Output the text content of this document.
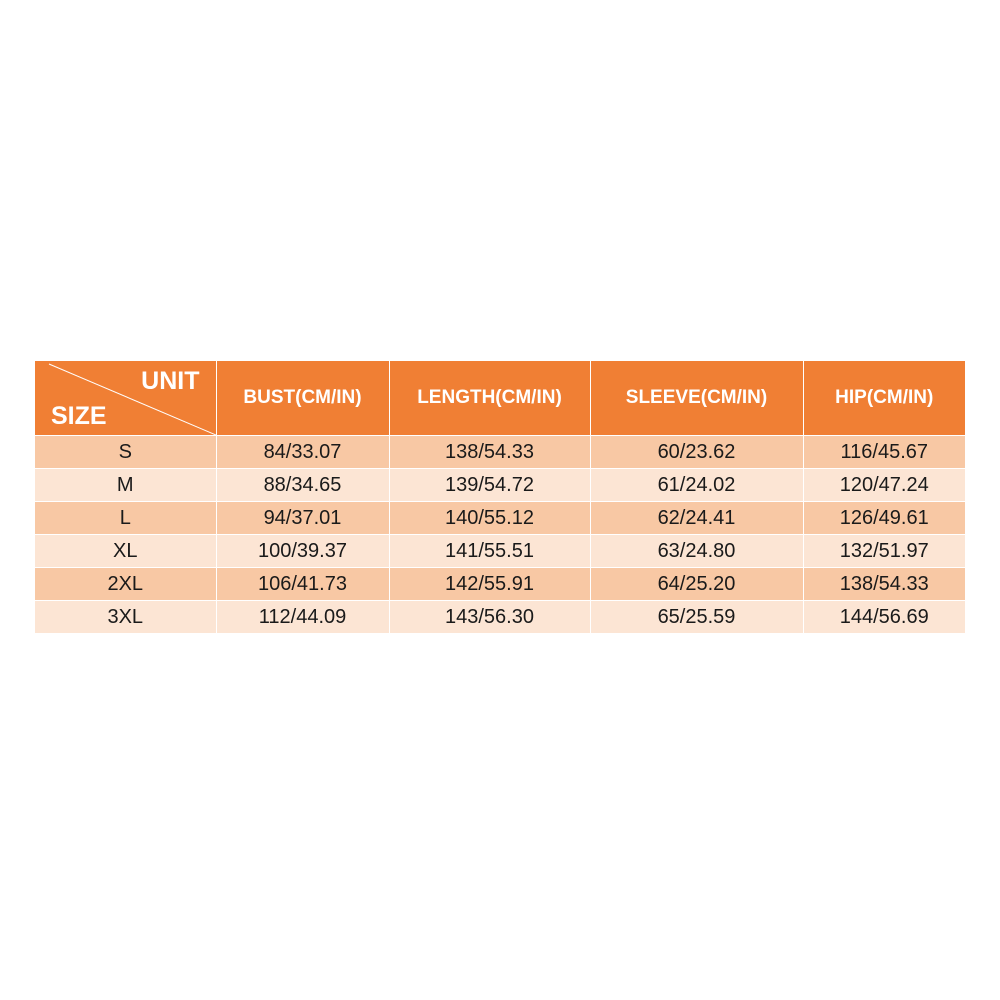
UNIT
SIZE	BUST(CM/IN)	LENGTH(CM/IN)	SLEEVE(CM/IN)	HIP(CM/IN)
S	84/33.07	138/54.33	60/23.62	116/45.67
M	88/34.65	139/54.72	61/24.02	120/47.24
L	94/37.01	140/55.12	62/24.41	126/49.61
XL	100/39.37	141/55.51	63/24.80	132/51.97
2XL	106/41.73	142/55.91	64/25.20	138/54.33
3XL	112/44.09	143/56.30	65/25.59	144/56.69
